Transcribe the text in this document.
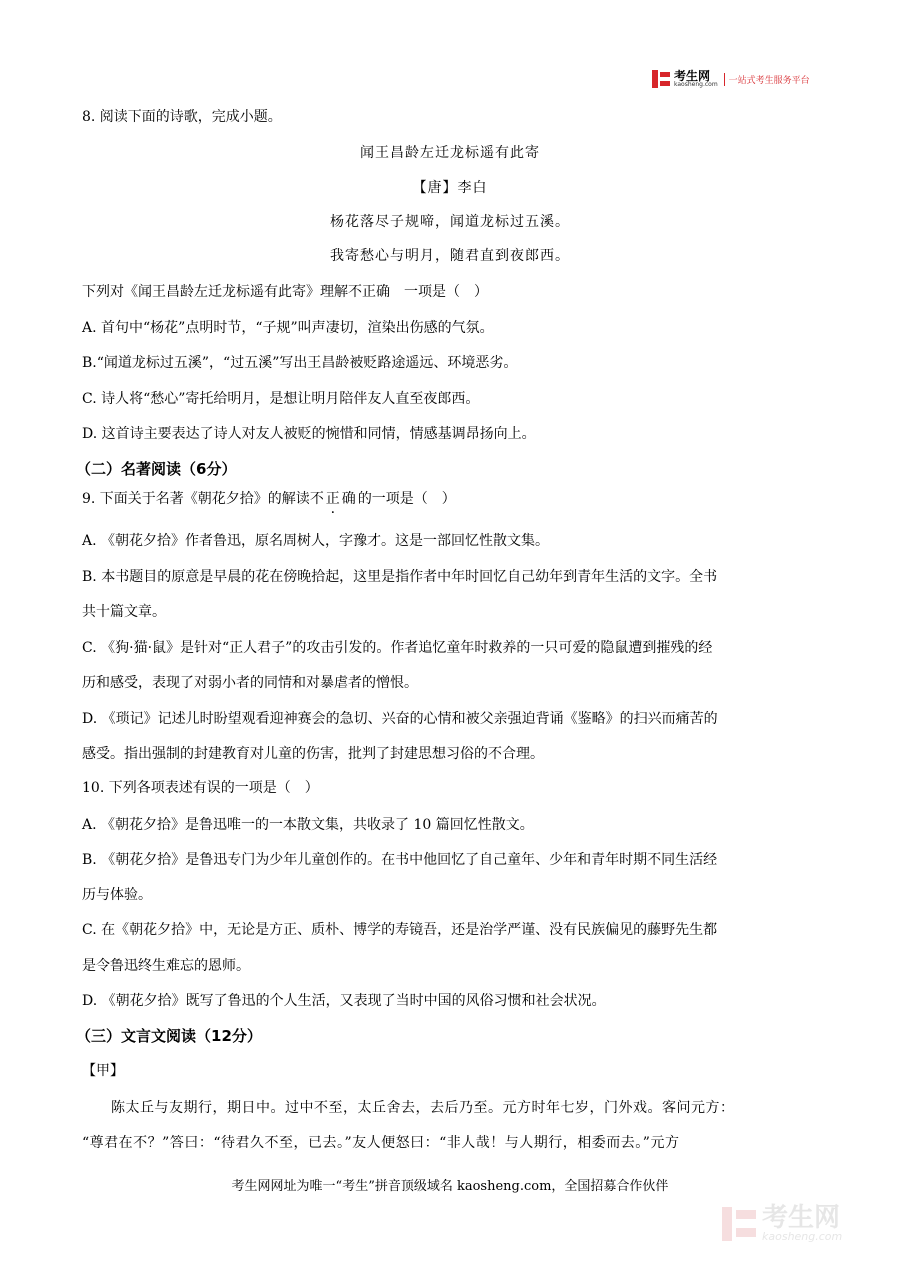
考生网
kaosheng.com	一站式考生服务平台
8. 阅读下面的诗歌，完成小题。
闻王昌龄左迁龙标遥有此寄
【唐】李白
杨花落尽子规啼，闻道龙标过五溪。
我寄愁心与明月，随君直到夜郎西。
下列对《闻王昌龄左迁龙标遥有此寄》理解不正确　一项是（　）
A. 首句中“杨花”点明时节，“子规”叫声凄切，渲染出伤感的气氛。
B.“闻道龙标过五溪”，“过五溪”写出王昌龄被贬路途遥远、环境恶劣。
C. 诗人将“愁心”寄托给明月，是想让明月陪伴友人直至夜郎西。
D. 这首诗主要表达了诗人对友人被贬的惋惜和同情，情感基调昂扬向上。
（二）名著阅读（6分）
9. 下面关于名著《朝花夕拾》的解读不正确的一项是（　）
A. 《朝花夕拾》作者鲁迅，原名周树人，字豫才。这是一部回忆性散文集。
B. 本书题目的原意是早晨的花在傍晚拾起，这里是指作者中年时回忆自己幼年到青年生活的文字。全书
共十篇文章。
C. 《狗·猫·鼠》是针对“正人君子”的攻击引发的。作者追忆童年时救养的一只可爱的隐鼠遭到摧残的经
历和感受，表现了对弱小者的同情和对暴虐者的憎恨。
D. 《琐记》记述儿时盼望观看迎神赛会的急切、兴奋的心情和被父亲强迫背诵《鉴略》的扫兴而痛苦的
感受。指出强制的封建教育对儿童的伤害，批判了封建思想习俗的不合理。
10. 下列各项表述有误的一项是（　）
A. 《朝花夕拾》是鲁迅唯一的一本散文集，共收录了 10 篇回忆性散文。
B. 《朝花夕拾》是鲁迅专门为少年儿童创作的。在书中他回忆了自己童年、少年和青年时期不同生活经
历与体验。
C. 在《朝花夕拾》中，无论是方正、质朴、博学的寿镜吾，还是治学严谨、没有民族偏见的藤野先生都
是令鲁迅终生难忘的恩师。
D. 《朝花夕拾》既写了鲁迅的个人生活，又表现了当时中国的风俗习惯和社会状况。
（三）文言文阅读（12分）
【甲】
　　陈太丘与友期行，期日中。过中不至，太丘舍去，去后乃至。元方时年七岁，门外戏。客问元方：
“尊君在不？”答曰：“待君久不至，已去。”友人便怒曰：“非人哉！与人期行，相委而去。”元方
考生网网址为唯一“考生”拼音顶级域名 kaosheng.com，全国招募合作伙伴
考生网
kaosheng.com
